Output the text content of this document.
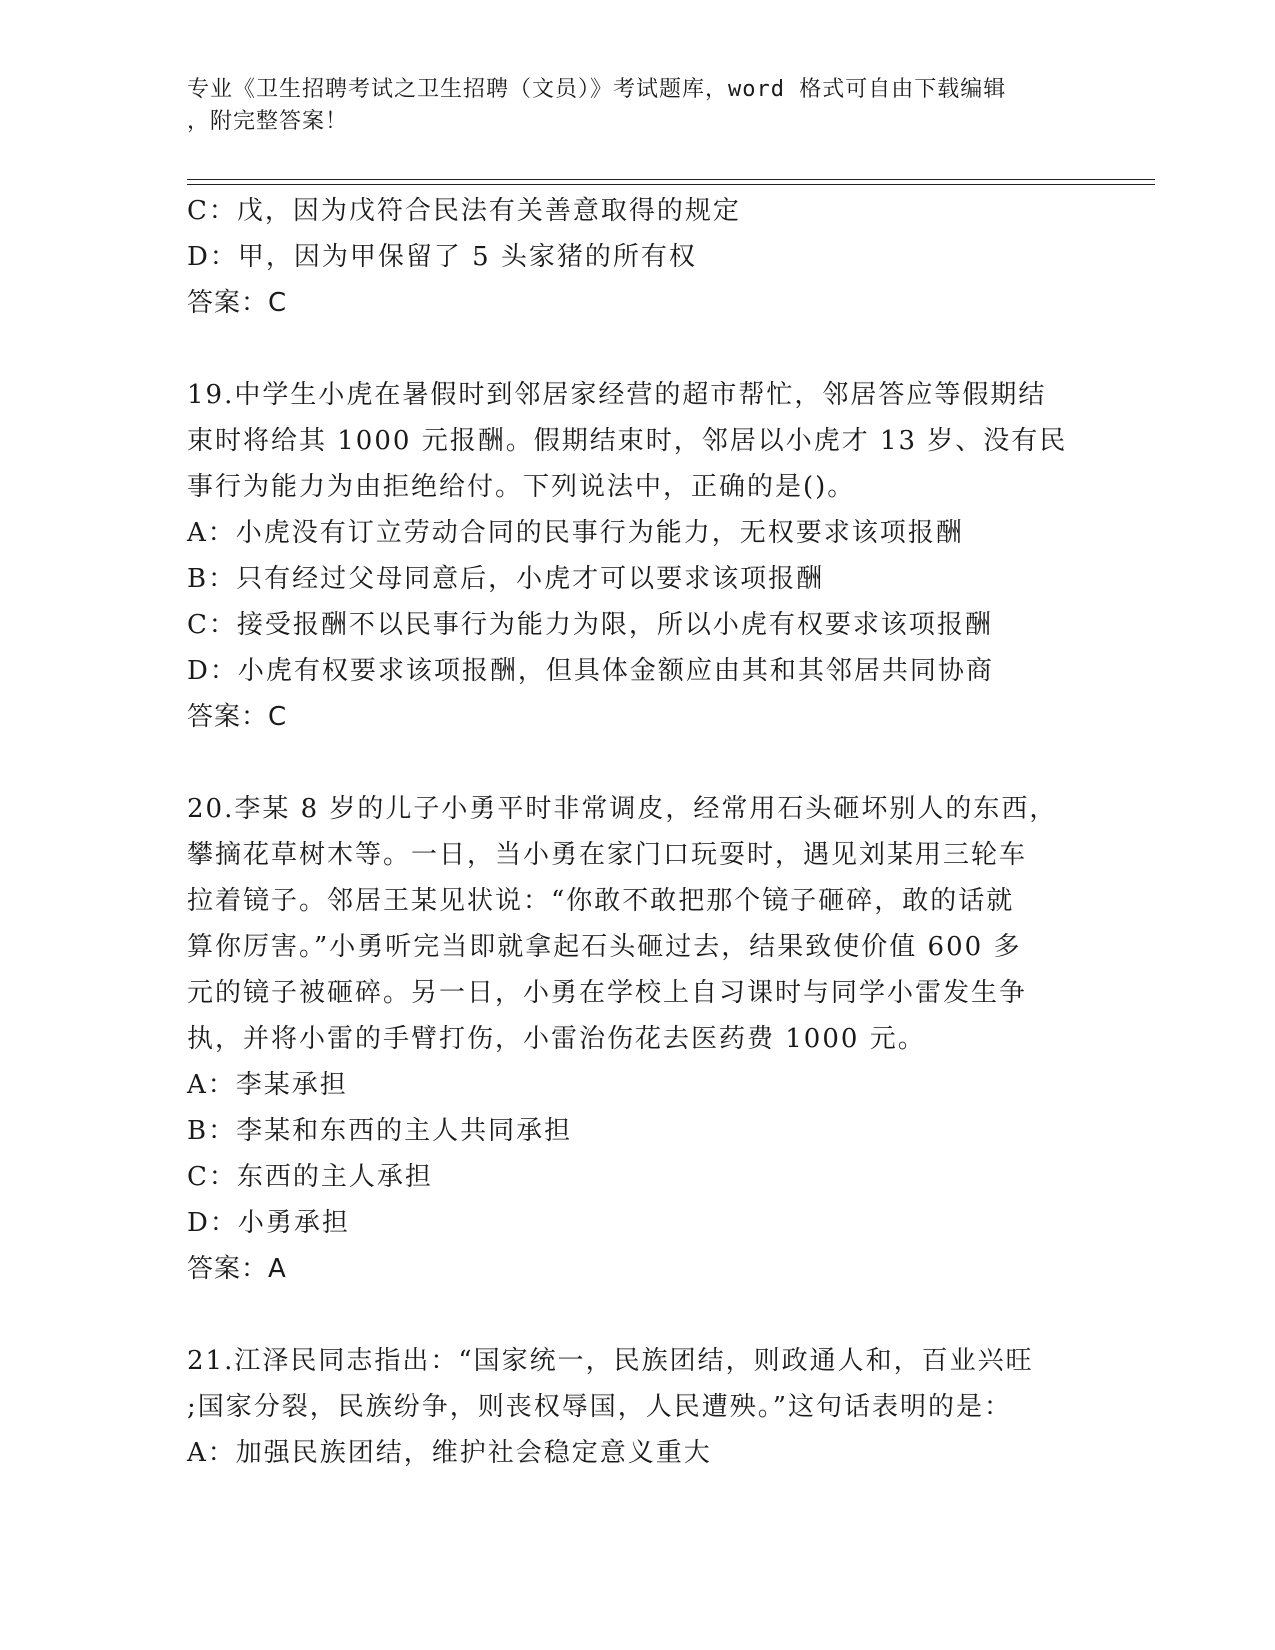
专业《卫生招聘考试之卫生招聘（文员）》考试题库，word 格式可自由下载编辑
，附完整答案！
C：戊，因为戊符合民法有关善意取得的规定
D：甲，因为甲保留了 5 头家猪的所有权
答案：C
19.中学生小虎在暑假时到邻居家经营的超市帮忙，邻居答应等假期结
束时将给其 1000 元报酬。假期结束时，邻居以小虎才 13 岁、没有民
事行为能力为由拒绝给付。下列说法中，正确的是()。
A：小虎没有订立劳动合同的民事行为能力，无权要求该项报酬
B：只有经过父母同意后，小虎才可以要求该项报酬
C：接受报酬不以民事行为能力为限，所以小虎有权要求该项报酬
D：小虎有权要求该项报酬，但具体金额应由其和其邻居共同协商
答案：C
20.李某 8 岁的儿子小勇平时非常调皮，经常用石头砸坏别人的东西，
攀摘花草树木等。一日，当小勇在家门口玩耍时，遇见刘某用三轮车
拉着镜子。邻居王某见状说：“你敢不敢把那个镜子砸碎，敢的话就
算你厉害。”小勇听完当即就拿起石头砸过去，结果致使价值 600 多
元的镜子被砸碎。另一日，小勇在学校上自习课时与同学小雷发生争
执，并将小雷的手臂打伤，小雷治伤花去医药费 1000 元。
A：李某承担
B：李某和东西的主人共同承担
C：东西的主人承担
D：小勇承担
答案：A
21.江泽民同志指出：“国家统一，民族团结，则政通人和，百业兴旺
;国家分裂，民族纷争，则丧权辱国，人民遭殃。”这句话表明的是：
A：加强民族团结，维护社会稳定意义重大
